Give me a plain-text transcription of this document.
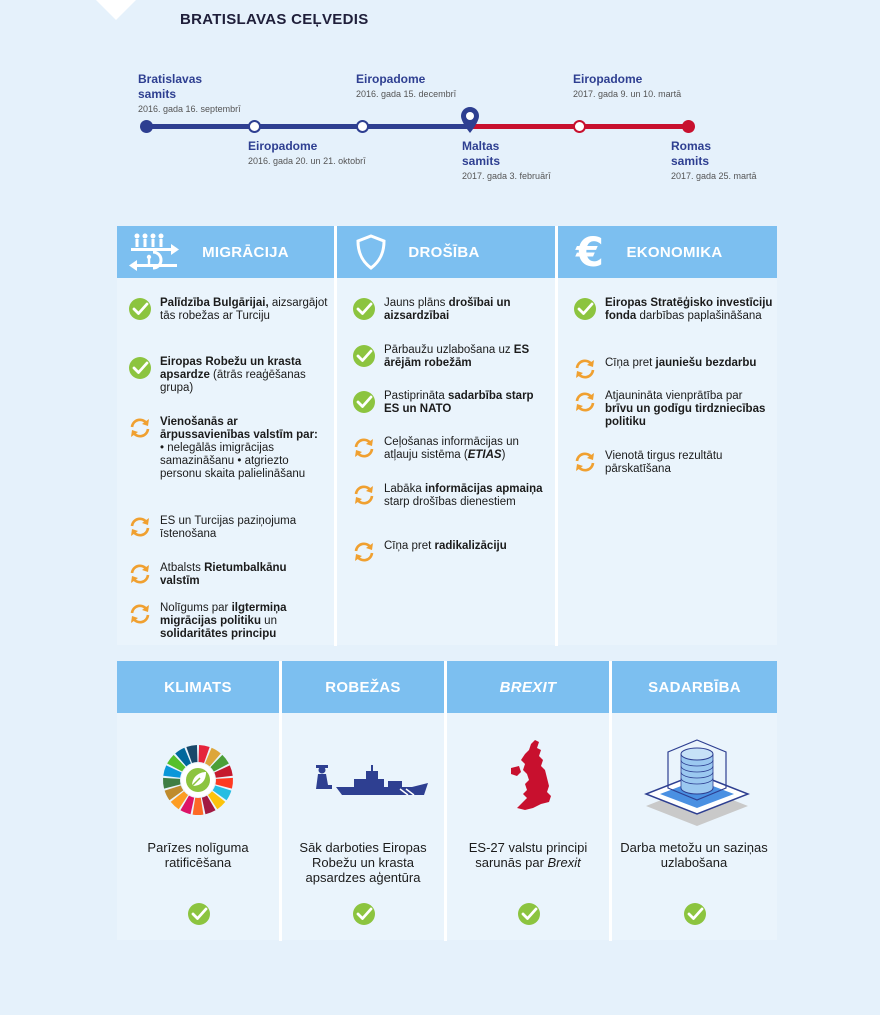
BRATISLAVAS CEĻVEDIS
Bratislavas samits
2016. gada 16. septembrī
Eiropadome
2016. gada 20. un 21. oktobrī
Eiropadome
2016. gada 15. decembrī
Maltas samits
2017. gada 3. februārī
Eiropadome
2017. gada 9. un 10. martā
Romas samits
2017. gada 25. martā
MIGRĀCIJA	DROŠĪBA € EKONOMIKA
Palīdzība Bulgārijai, aizsargājot tās robežas ar Turciju
Eiropas Robežu un krasta apsardze (ātrās reaģēšanas grupa)
Vienošanās ar ārpussavienības valstīm par:
• nelegālās imigrācijas samazināšanu • atgriezto personu skaita palielināšanu
ES un Turcijas paziņojuma īstenošana
Atbalsts Rietumbalkānu valstīm
Nolīgums par ilgtermiņa migrācijas politiku un solidaritātes principu
Jauns plāns drošībai un aizsardzībai
Pārbaužu uzlabošana uz ES ārējām robežām
Pastiprināta sadarbība starp ES un NATO
Ceļošanas informācijas un atļauju sistēma (ETIAS)
Labāka informācijas apmaiņa starp drošības dienestiem
Cīņa pret radikalizāciju
Eiropas Stratēģisko investīciju fonda darbības paplašināšana
Cīņa pret jauniešu bezdarbu
Atjaunināta vienprātība par brīvu un godīgu tirdzniecības politiku
Vienotā tirgus rezultātu pārskatīšana
KLIMATS	ROBEŽAS	BREXIT	SADARBĪBA
Parīzes nolīguma ratificēšana
Sāk darboties Eiropas Robežu un krasta apsardzes aģentūra
ES-27 valstu principi sarunās par Brexit
Darba metožu un saziņas uzlabošana
